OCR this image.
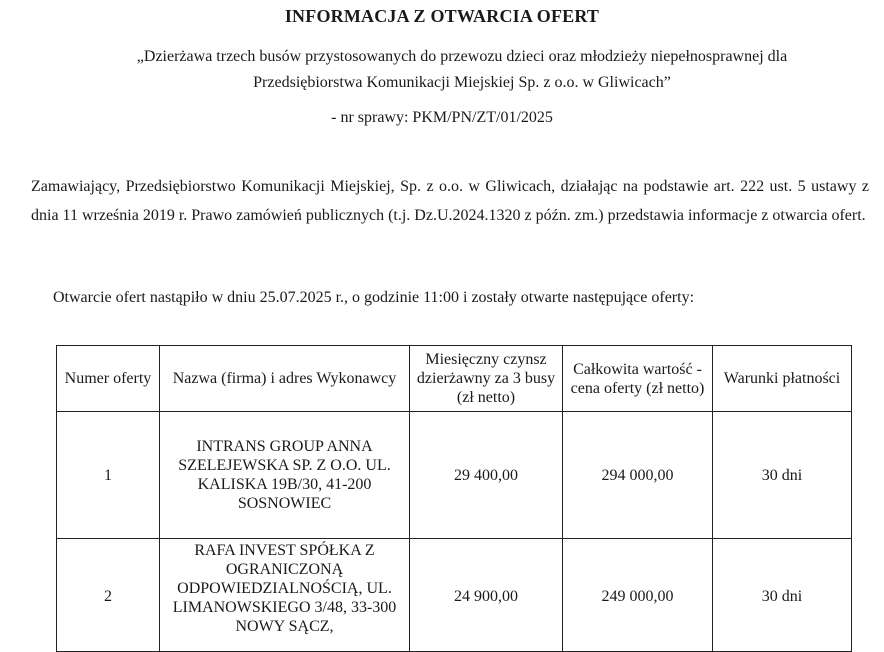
INFORMACJA Z OTWARCIA OFERT
„Dzierżawa trzech busów przystosowanych do przewozu dzieci oraz młodzieży niepełnosprawnej dla
Przedsiębiorstwa Komunikacji Miejskiej Sp. z o.o. w Gliwicach”
- nr sprawy: PKM/PN/ZT/01/2025
Zamawiający, Przedsiębiorstwo Komunikacji Miejskiej, Sp. z o.o. w Gliwicach, działając na podstawie art. 222 ust. 5 ustawy z dnia 11 września 2019 r. Prawo zamówień publicznych (t.j. Dz.U.2024.1320 z późn. zm.) przedstawia informacje z otwarcia ofert.
Otwarcie ofert nastąpiło w dniu 25.07.2025 r., o godzinie 11:00 i zostały otwarte następujące oferty:
Numer oferty	Nazwa (firma) i adres Wykonawcy	Miesięczny czynsz dzierżawny za 3 busy (zł netto)	Całkowita wartość - cena oferty (zł netto)	Warunki płatności
1	INTRANS GROUP ANNA SZELEJEWSKA SP. Z O.O. UL. KALISKA 19B/30, 41-200 SOSNOWIEC	29 400,00	294 000,00	30 dni
2	RAFA INVEST SPÓŁKA Z OGRANICZONĄ ODPOWIEDZIALNOŚCIĄ, UL. LIMANOWSKIEGO 3/48, 33-300 NOWY SĄCZ,	24 900,00	249 000,00	30 dni
